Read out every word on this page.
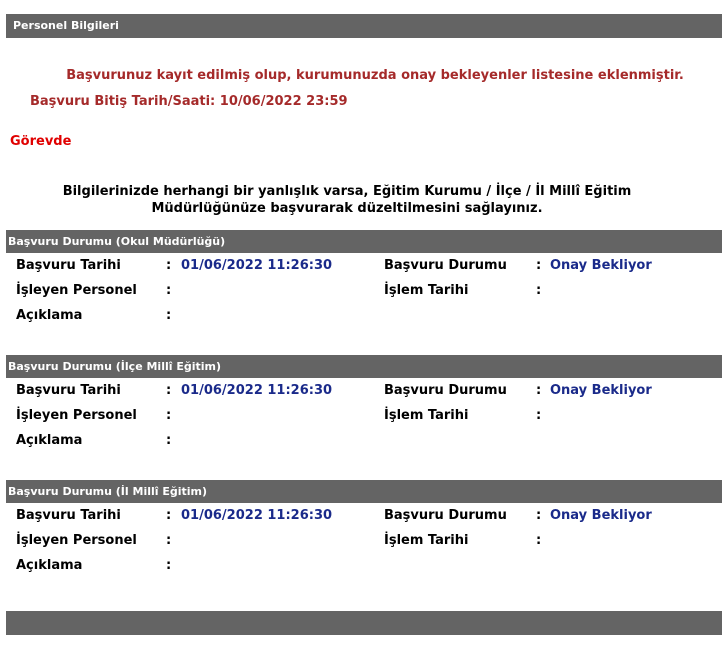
Personel Bilgileri
Başvurunuz kayıt edilmiş olup, kurumunuzda onay bekleyenler listesine eklenmiştir.
Başvuru Bitiş Tarih/Saati: 10/06/2022 23:59
Görevde
Bilgilerinizde herhangi bir yanlışlık varsa, Eğitim Kurumu / İlçe / İl Millî Eğitim Müdürlüğünüze başvurarak düzeltilmesini sağlayınız.
Başvuru Durumu (Okul Müdürlüğü)
Başvuru Tarihi	: 01/06/2022 11:26:30	Başvuru Durumu : Onay Bekliyor
İşleyen Personel :	İşlem Tarihi	:
Açıklama	:
Başvuru Durumu (İlçe Millî Eğitim)
Başvuru Tarihi	: 01/06/2022 11:26:30	Başvuru Durumu : Onay Bekliyor
İşleyen Personel :	İşlem Tarihi	:
Açıklama	:
Başvuru Durumu (İl Millî Eğitim)
Başvuru Tarihi	: 01/06/2022 11:26:30	Başvuru Durumu : Onay Bekliyor
İşleyen Personel :	İşlem Tarihi	:
Açıklama	:
